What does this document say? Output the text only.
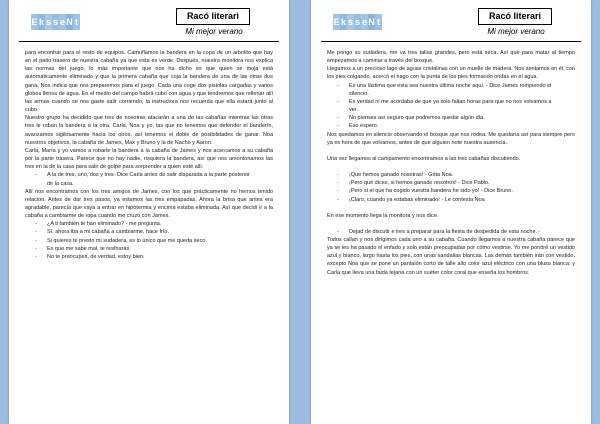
E k s s e N t
Racó literari
Mi mejor verano

para encontrar para el resto de equipos. Camuflamos la bandera en la copa de un arbolito que hay en el patio trasero de nuestra cabaña ya que esta es verde. Después, nuestra monitora nos explica las normas del juego, lo más importante que nos ha dicho es que quien se moja está automáticamente eliminado y que la primera cabaña que coja la bandera de una de las otras dos gana. Nos indica que nos preparemos para el juego. Cada una coge dos pistolas cargadas y varios globos llenos de agua. En el medio del campo habrá cubo con agua y que tendremos que rellenar allí las armas cuando se nos gaste salir corriendo, la instructora nos recuerda que ella estará junto al cubo.

Nuestro grupo ha decidido que tres de nosotras atacarán a una de las cabañas mientras las otras tres le roban la bandera a la otra. Carla, Noa y yo, las que no tenemos que defender el banderín, avanzamos sigilosamente hacia los otros, así tenemos el doble de posibilidades de ganar. Noa nuestros objetivos, la cabaña de James, Max y Bruno y la de Nacho y Aaron.

Carla, María y yo vamos a robarle la bandera a la cabaña de James y nos acercamos a su cabaña por la parte trasera. Parece que no hay nadie, risquiera la bandera, así que nos amontonamos las tres en la de la casa para salir de golpe para sorprender a quien esté allí.

- A la de tres, uno, dos y tres- Dice Carla antes de salir disparada a la parte posterior de la casa.

Allí nos encontramos con los tres amigos de James, con los que prácticamente no hemos tenido relación. Antes de dar tres pasos, ya estamos las tres empapadas. Ahora la brisa que antes era agradable, parecía que vaya a entrar en hipotermia y encima estaba eliminada. Así que decidí ir a la cabaña a cambiarme de ropa cuando me cruzo con James.

- ¿A ti también te han eliminado? - me pregunta.
- Sí, ahora iba a mi cabaña a cambiarme, hace frío.
- Si quieres te presto mi sudadera, es lo único que me queda seco.
- Es que me sabe mal, te resfriarás.
- No te preocupes, de verdad, estoy bien.
E k s s e N t
Racó literari
Mi mejor verano

Me pongo su sudadera, me va tres tallas grandes, pero está seca. Así que para matar al tiempo empezamos a caminar a través del bosque.

Llegamos a un precioso lago de aguas cristalinas con un muelle de madera. Nos sentamos en él, con los pies colgando, acercó el hago con la punta de los pies formando ondas en el agua.

- Es una lástima que esta sea nuestra última noche aquí. - Dice James rompiendo el silencio.
- Es verdad ni me acordaba de que ya solo faltan horas para que no nos volvamos a ver.
- No pienses así seguro que podremos quedar algún día.
- Eso espero.

Nos quedamos en silencio observando el bosque que nos rodea. Me quedaría así para siempre pero ya es hora de que volvamos, antes de que alguien note nuestra ausencia.

Una vez llegamos al campamento encontramos a las tres cabañas discutiendo.

- ¡Que hemos ganado nosotras! - Grita Noa.
- ¡Pero qué dices, si hemos ganado nosotros! - Dice Pablo.
- ¡Pero si el que ha cogido vuestra bandera he sido yo! - Dice Bruno.
- ¡Claro, cuando ya estabas eliminado! - Le contesta Noa

En ese momento llega la monitora y nos dice.

- Dejad de discutir e ires a preparar para la fiesta de despedida de esta noche. -

Todos callan y nos dirigimos cada uno a su cabaña. Cuando llegamos a nuestra cabaña parece que ya se les ha pasado el enfado y solo están preocupadas por cómo vestirse. Yo me pondré un vestido azul y blanco, largo hasta los pies, con unas sandalias blancas. Las demás también irán con vestido, excepto Noa que se pone un pantalón corto de talle alto color azul eléctrico con una blusa blanca; y Carla que lleva una falda tejana con un suéter color coral que enseña los hombros.
